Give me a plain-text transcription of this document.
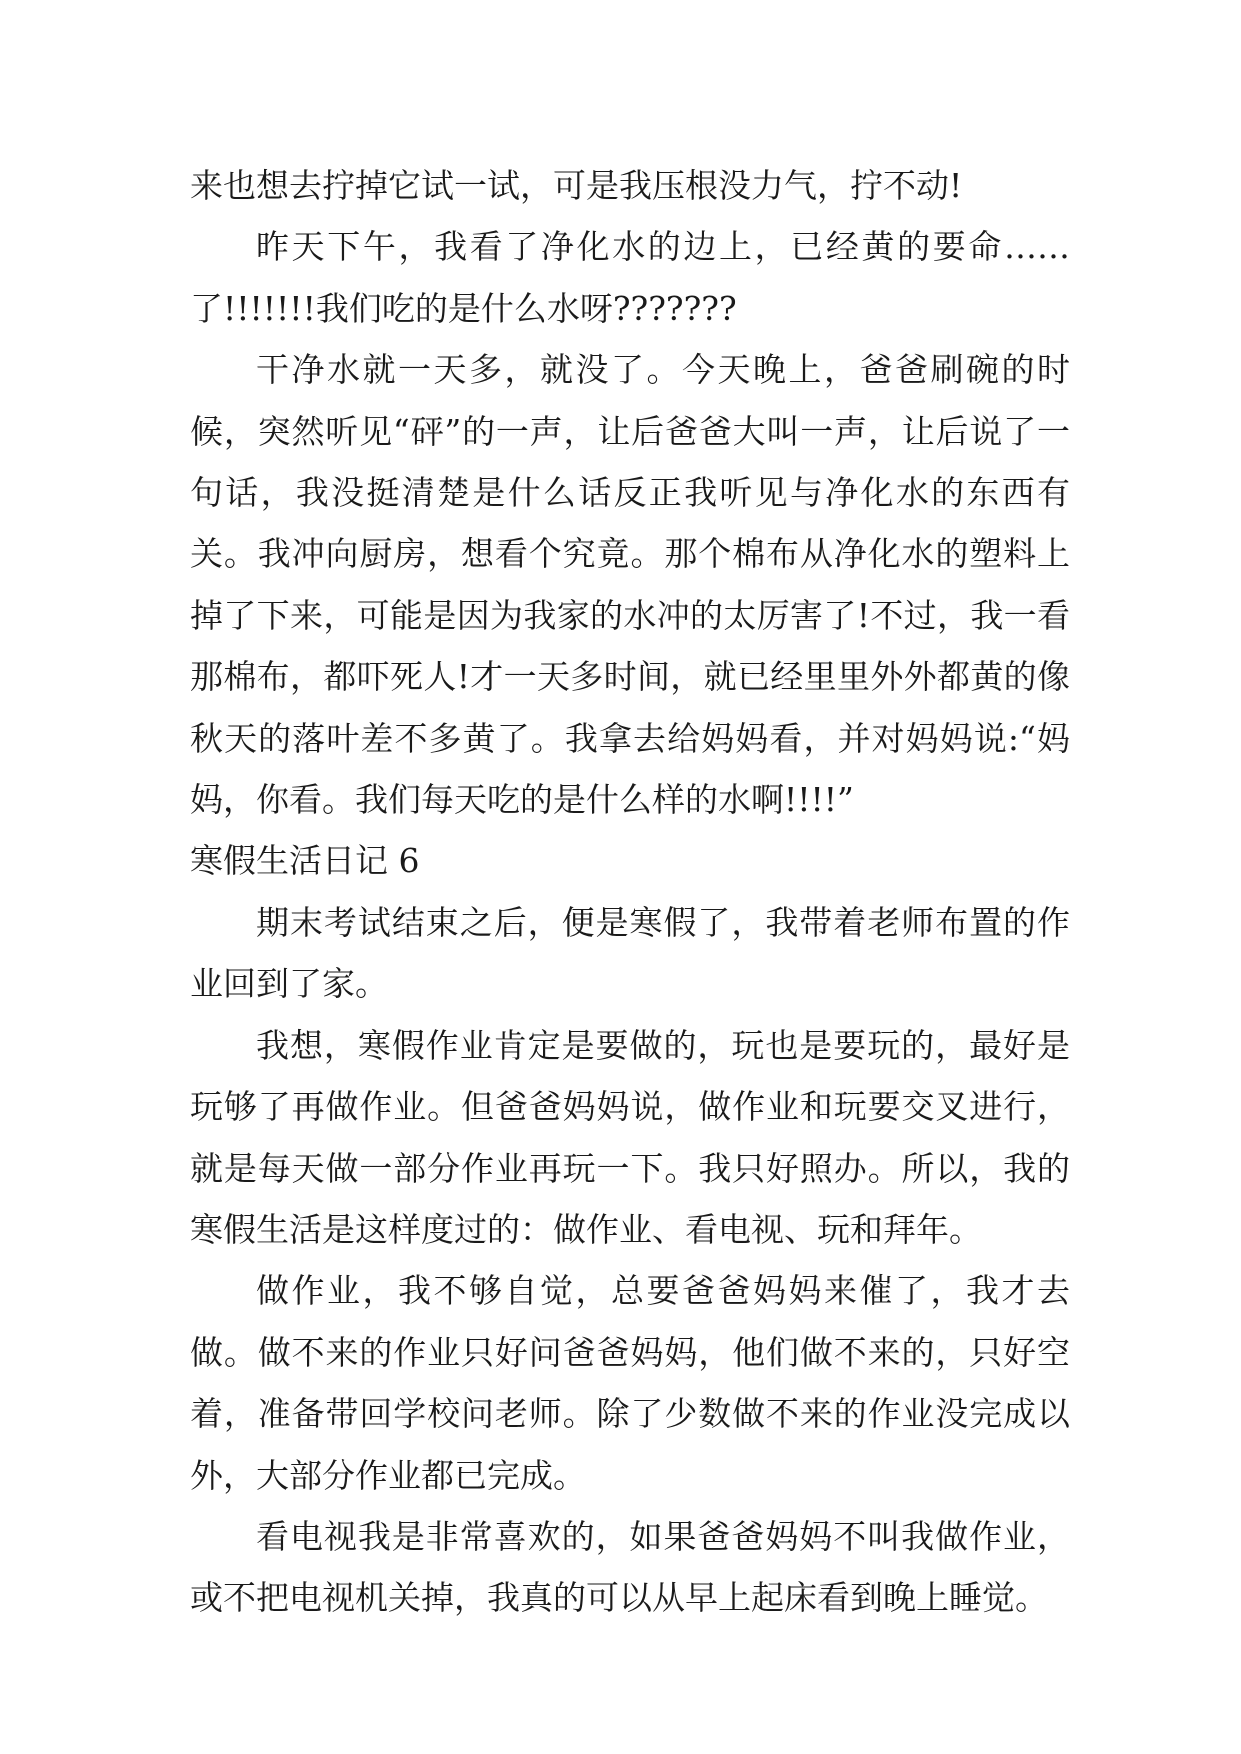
来也想去拧掉它试一试，可是我压根没力气，拧不动!

昨天下午，我看了净化水的边上，已经黄的要命……了!!!!!!!我们吃的是什么水呀???????

干净水就一天多，就没了。今天晚上，爸爸刷碗的时候，突然听见“砰”的一声，让后爸爸大叫一声，让后说了一句话，我没挺清楚是什么话反正我听见与净化水的东西有关。我冲向厨房，想看个究竟。那个棉布从净化水的塑料上掉了下来，可能是因为我家的水冲的太厉害了!不过，我一看那棉布，都吓死人!才一天多时间，就已经里里外外都黄的像秋天的落叶差不多黄了。我拿去给妈妈看，并对妈妈说:“妈妈，你看。我们每天吃的是什么样的水啊!!!!”

寒假生活日记 6

期末考试结束之后，便是寒假了，我带着老师布置的作业回到了家。

我想，寒假作业肯定是要做的，玩也是要玩的，最好是玩够了再做作业。但爸爸妈妈说，做作业和玩要交叉进行，就是每天做一部分作业再玩一下。我只好照办。所以，我的寒假生活是这样度过的：做作业、看电视、玩和拜年。

做作业，我不够自觉，总要爸爸妈妈来催了，我才去做。做不来的作业只好问爸爸妈妈，他们做不来的，只好空着，准备带回学校问老师。除了少数做不来的作业没完成以外，大部分作业都已完成。

看电视我是非常喜欢的，如果爸爸妈妈不叫我做作业，或不把电视机关掉，我真的可以从早上起床看到晚上睡觉。
